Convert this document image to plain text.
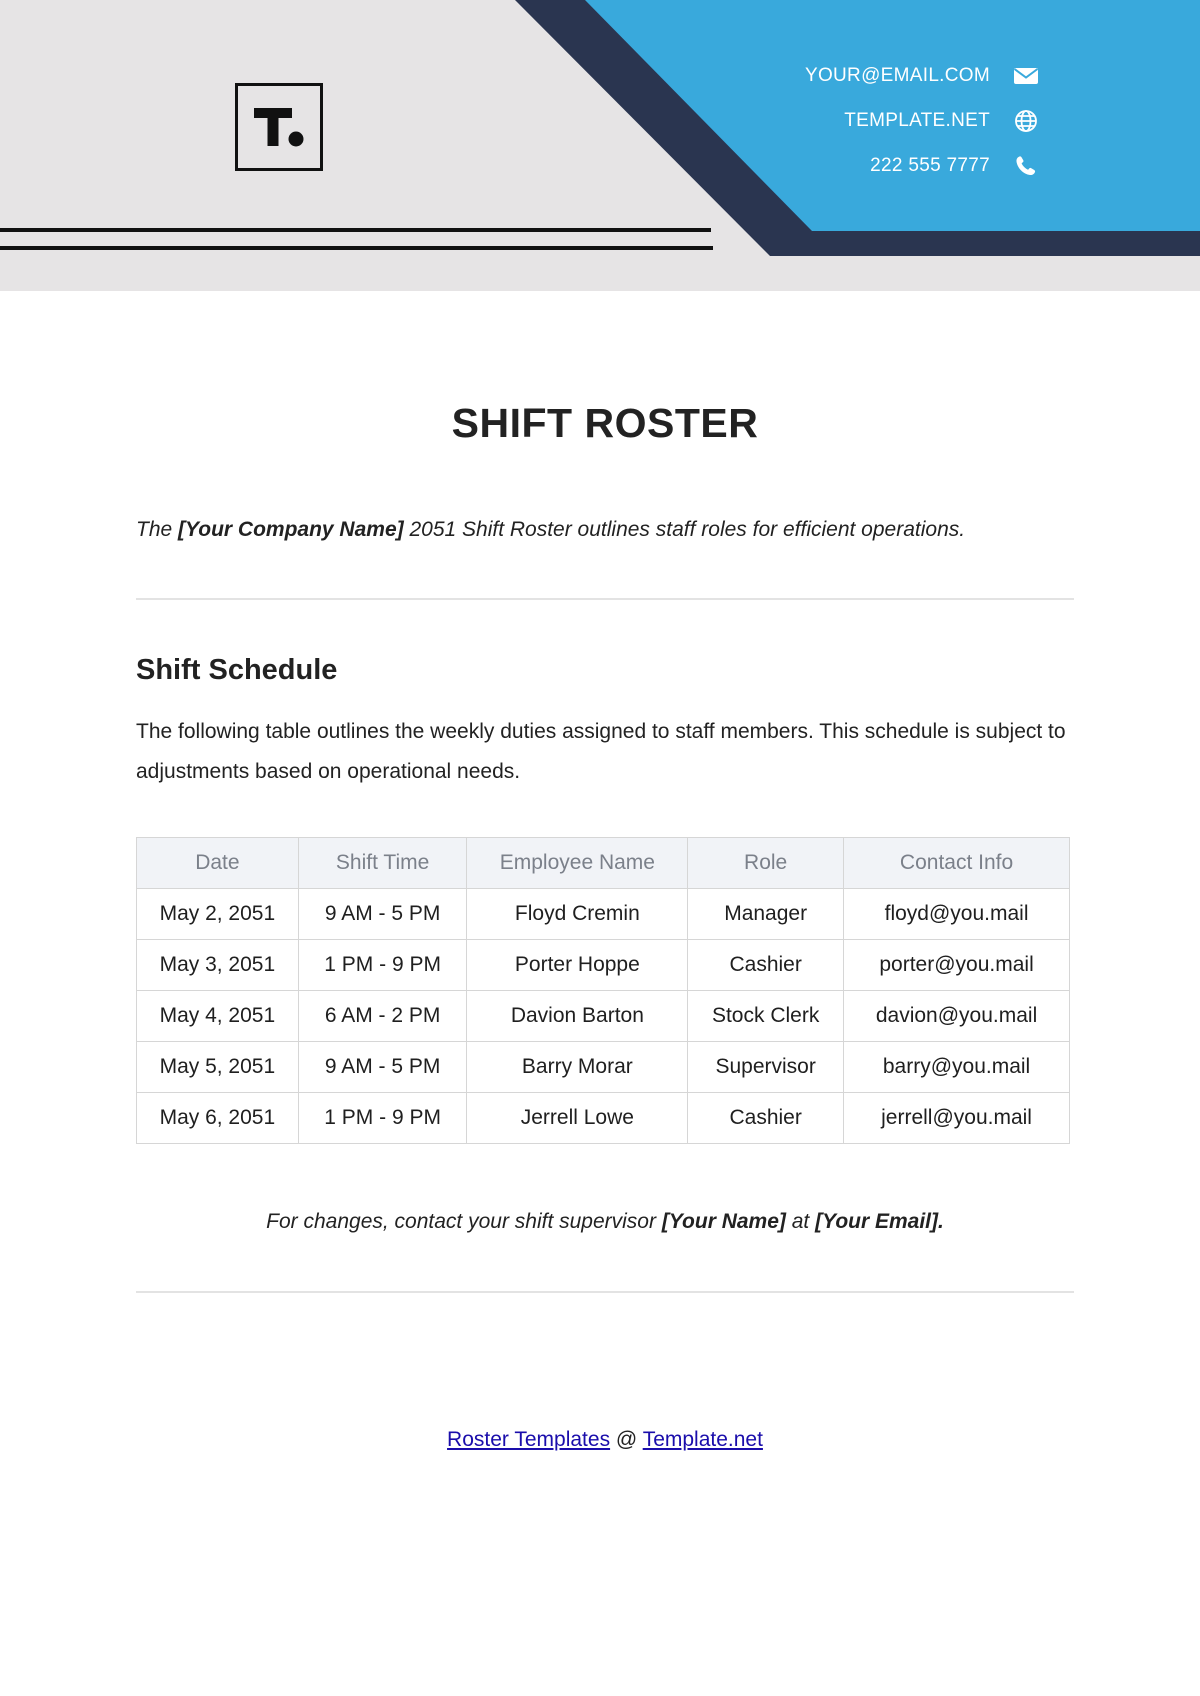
YOUR@EMAIL.COM
TEMPLATE.NET
222 555 7777
SHIFT ROSTER
The [Your Company Name] 2051 Shift Roster outlines staff roles for efficient operations.
Shift Schedule
The following table outlines the weekly duties assigned to staff members. This schedule is subject to adjustments based on operational needs.
Date	Shift Time	Employee Name	Role	Contact Info
May 2, 2051	9 AM - 5 PM	Floyd Cremin	Manager	floyd@you.mail
May 3, 2051	1 PM - 9 PM	Porter Hoppe	Cashier	porter@you.mail
May 4, 2051	6 AM - 2 PM	Davion Barton	Stock Clerk	davion@you.mail
May 5, 2051	9 AM - 5 PM	Barry Morar	Supervisor	barry@you.mail
May 6, 2051	1 PM - 9 PM	Jerrell Lowe	Cashier	jerrell@you.mail
For changes, contact your shift supervisor [Your Name] at [Your Email].
Roster Templates @ Template.net
